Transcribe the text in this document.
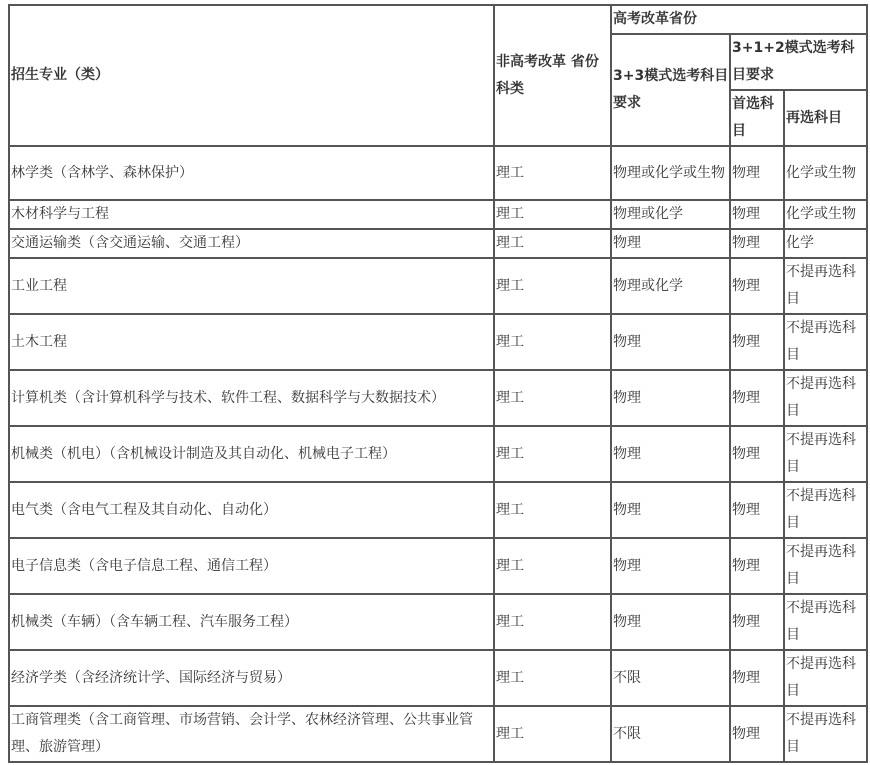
招生专业（类）	非高考改革 省份科类	高考改革省份		
		3+3模式选考科目要求	3+1+2模式选考科目要求	
			首选科目	再选科目
林学类（含林学、森林保护）	理工	物理或化学或生物	物理	化学或生物
木材科学与工程	理工	物理或化学	物理	化学或生物
交通运输类（含交通运输、交通工程）	理工	物理	物理	化学
工业工程	理工	物理或化学	物理	不提再选科目
土木工程	理工	物理	物理	不提再选科目
计算机类（含计算机科学与技术、软件工程、数据科学与大数据技术）	理工	物理	物理	不提再选科目
机械类（机电）（含机械设计制造及其自动化、机械电子工程）	理工	物理	物理	不提再选科目
电气类（含电气工程及其自动化、自动化）	理工	物理	物理	不提再选科目
电子信息类（含电子信息工程、通信工程）	理工	物理	物理	不提再选科目
机械类（车辆）（含车辆工程、汽车服务工程）	理工	物理	物理	不提再选科目
经济学类（含经济统计学、国际经济与贸易）	理工	不限	物理	不提再选科目
工商管理类（含工商管理、市场营销、会计学、农林经济管理、公共事业管理、旅游管理）	理工	不限	物理	不提再选科目
